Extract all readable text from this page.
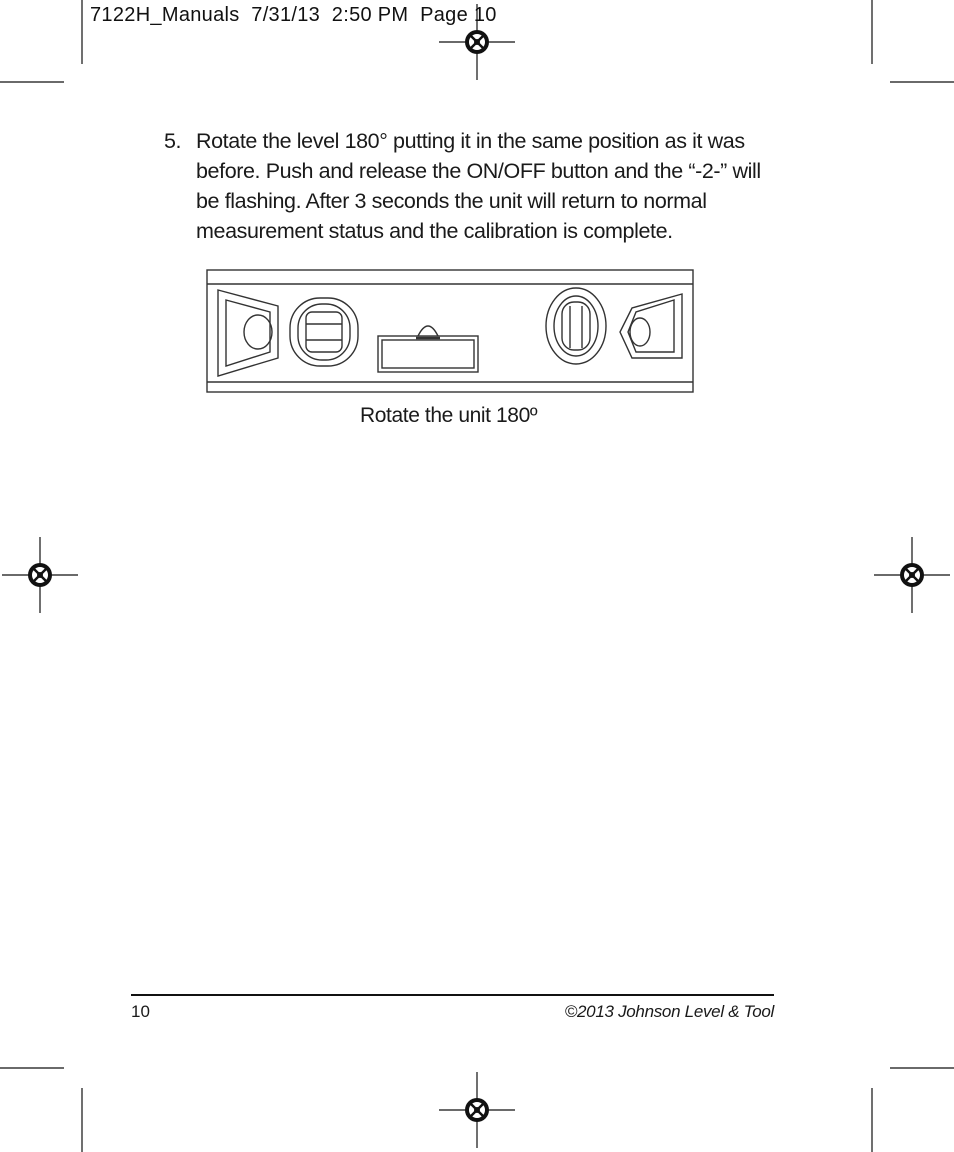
7122H_Manuals  7/31/13  2:50 PM  Page 10
5. Rotate the level 180° putting it in the same position as it was
before. Push and release the ON/OFF button and the “-2-” will
be flashing. After 3 seconds the unit will return to normal
measurement status and the calibration is complete.
Rotate the unit 180º
10	©2013 Johnson Level & Tool
